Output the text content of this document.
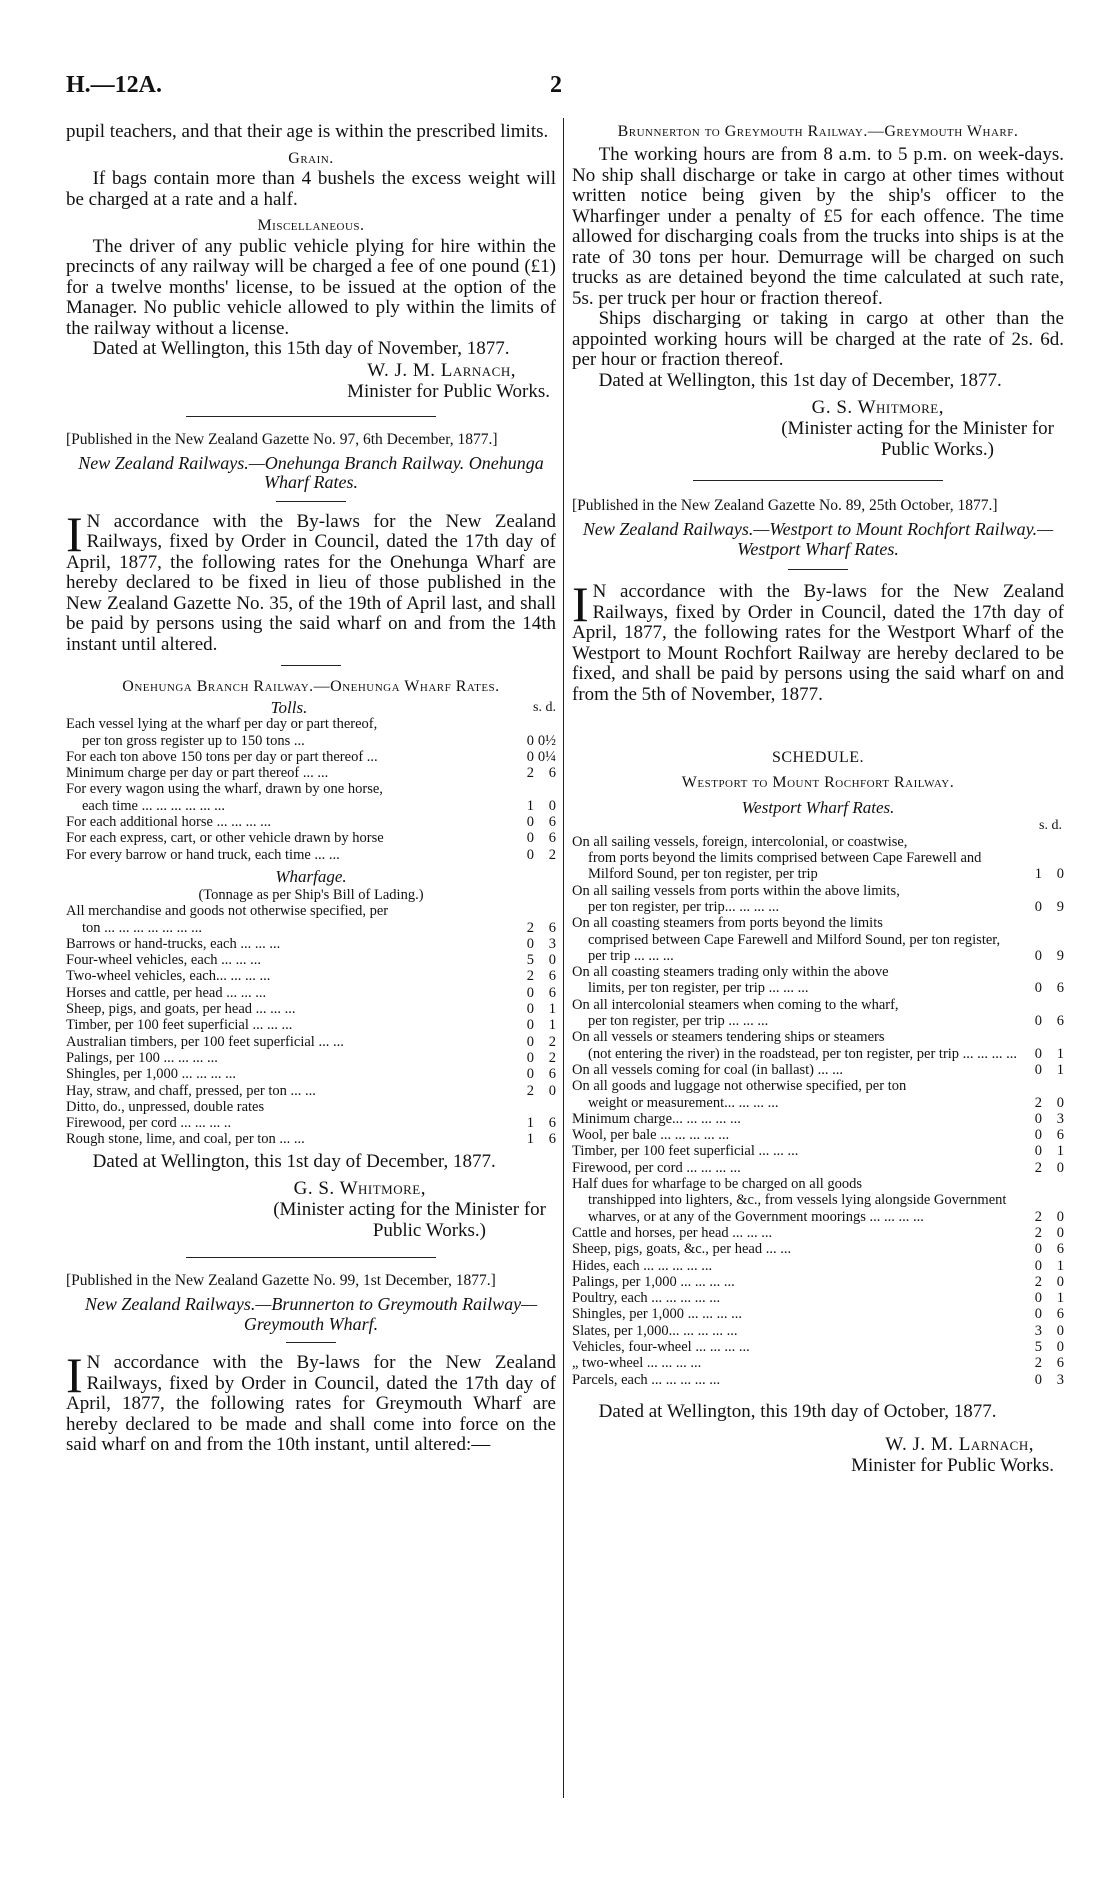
H.—12A.	2

pupil teachers, and that their age is within the prescribed limits.

Grain.

If bags contain more than 4 bushels the excess weight will be charged at a rate and a half.

Miscellaneous.

The driver of any public vehicle plying for hire within the precincts of any railway will be charged a fee of one pound (£1) for a twelve months' license, to be issued at the option of the Manager. No public vehicle allowed to ply within the limits of the railway without a license.

Dated at Wellington, this 15th day of November, 1877.

W. J. M. Larnach,

Minister for Public Works.

[Published in the New Zealand Gazette No. 97, 6th December, 1877.]

New Zealand Railways.—Onehunga Branch Railway. Onehunga Wharf Rates.

IN accordance with the By-laws for the New Zealand Railways, fixed by Order in Council, dated the 17th day of April, 1877, the following rates for the Onehunga Wharf are hereby declared to be fixed in lieu of those published in the New Zealand Gazette No. 35, of the 19th of April last, and shall be paid by persons using the said wharf on and from the 14th instant until altered.

Onehunga Branch Railway.—Onehunga Wharf Rates.

Tolls.	s. d.
Each vessel lying at the wharf per day or part thereof,
per ton gross register up to 150 tons ...	0 0½
For each ton above 150 tons per day or part thereof ...	0 0¼
Minimum charge per day or part thereof ... ...	2	6
For every wagon using the wharf, drawn by one horse,
each time ... ... ... ... ... ...	1	0
For each additional horse ... ... ... ...	0	6
For each express, cart, or other vehicle drawn by horse	0	6
For every barrow or hand truck, each time ... ...	0	2

Wharfage.

(Tonnage as per Ship's Bill of Lading.)

All merchandise and goods not otherwise specified, per
ton ... ... ... ... ... ... ...	2	6
Barrows or hand-trucks, each ... ... ...	0	3
Four-wheel vehicles, each ... ... ...	5	0
Two-wheel vehicles, each... ... ... ...	2	6
Horses and cattle, per head ... ... ...	0	6
Sheep, pigs, and goats, per head ... ... ...	0	1
Timber, per 100 feet superficial ... ... ...	0	1
Australian timbers, per 100 feet superficial ... ...	0	2
Palings, per 100 ... ... ... ...	0	2
Shingles, per 1,000 ... ... ... ...	0	6
Hay, straw, and chaff, pressed, per ton ... ...	2	0
Ditto, do., unpressed, double rates
Firewood, per cord ... ... ... ..	1	6
Rough stone, lime, and coal, per ton ... ...	1	6

Dated at Wellington, this 1st day of December, 1877.

G. S. Whitmore,

(Minister acting for the Minister for

Public Works.)

[Published in the New Zealand Gazette No. 99, 1st December, 1877.]

New Zealand Railways.—Brunnerton to Greymouth Railway—Greymouth Wharf.

IN accordance with the By-laws for the New Zealand Railways, fixed by Order in Council, dated the 17th day of April, 1877, the following rates for Greymouth Wharf are hereby declared to be made and shall come into force on the said wharf on and from the 10th instant, until altered:—

Brunnerton to Greymouth Railway.—Greymouth Wharf.

The working hours are from 8 a.m. to 5 p.m. on week-days. No ship shall discharge or take in cargo at other times without written notice being given by the ship's officer to the Wharfinger under a penalty of £5 for each offence. The time allowed for discharging coals from the trucks into ships is at the rate of 30 tons per hour. Demurrage will be charged on such trucks as are detained beyond the time calculated at such rate, 5s. per truck per hour or fraction thereof.

Ships discharging or taking in cargo at other than the appointed working hours will be charged at the rate of 2s. 6d. per hour or fraction thereof.

Dated at Wellington, this 1st day of December, 1877.

G. S. Whitmore,

(Minister acting for the Minister for

Public Works.)

[Published in the New Zealand Gazette No. 89, 25th October, 1877.]

New Zealand Railways.—Westport to Mount Rochfort Railway.—Westport Wharf Rates.

IN accordance with the By-laws for the New Zealand Railways, fixed by Order in Council, dated the 17th day of April, 1877, the following rates for the Westport Wharf of the Westport to Mount Rochfort Railway are hereby declared to be fixed, and shall be paid by persons using the said wharf on and from the 5th of November, 1877.

SCHEDULE.

Westport to Mount Rochfort Railway.

Westport Wharf Rates.

s. d.
On all sailing vessels, foreign, intercolonial, or coastwise,
from ports beyond the limits comprised between Cape Farewell and Milford Sound, per ton register, per trip	1	0
On all sailing vessels from ports within the above limits,
per ton register, per trip... ... ... ...	0	9
On all coasting steamers from ports beyond the limits
comprised between Cape Farewell and Milford Sound, per ton register, per trip ... ... ...	0	9
On all coasting steamers trading only within the above
limits, per ton register, per trip ... ... ...	0	6
On all intercolonial steamers when coming to the wharf,
per ton register, per trip ... ... ...	0	6
On all vessels or steamers tendering ships or steamers
(not entering the river) in the roadstead, per ton register, per trip ... ... ... ...	0	1
On all vessels coming for coal (in ballast) ... ...	0	1
On all goods and luggage not otherwise specified, per ton
weight or measurement... ... ... ...	2	0
Minimum charge... ... ... ... ...	0	3
Wool, per bale ... ... ... ... ...	0	6
Timber, per 100 feet superficial ... ... ...	0	1
Firewood, per cord ... ... ... ...	2	0
Half dues for wharfage to be charged on all goods
transhipped into lighters, &c., from vessels lying alongside Government wharves, or at any of the Government moorings ... ... ... ...	2	0
Cattle and horses, per head ... ... ...	2	0
Sheep, pigs, goats, &c., per head ... ...	0	6
Hides, each ... ... ... ... ...	0	1
Palings, per 1,000 ... ... ... ...	2	0
Poultry, each ... ... ... ... ...	0	1
Shingles, per 1,000 ... ... ... ...	0	6
Slates, per 1,000... ... ... ... ...	3	0
Vehicles, four-wheel ... ... ... ...	5	0
„ two-wheel ... ... ... ...	2	6
Parcels, each ... ... ... ... ...	0	3

Dated at Wellington, this 19th day of October, 1877.

W. J. M. Larnach,

Minister for Public Works.
